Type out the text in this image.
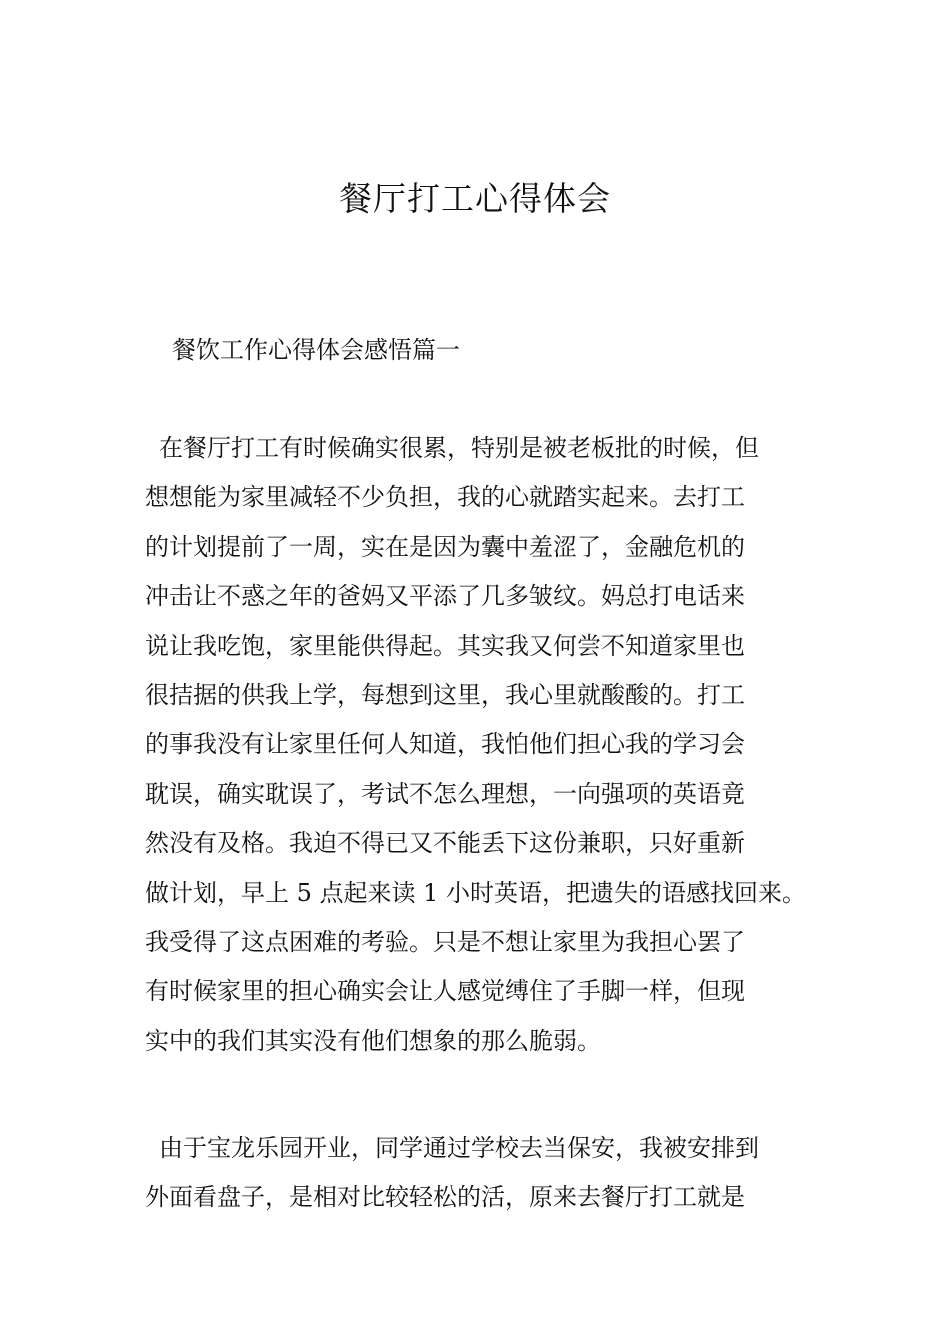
餐厅打工心得体会
餐饮工作心得体会感悟篇一
在餐厅打工有时候确实很累，特别是被老板批的时候，但
想想能为家里减轻不少负担，我的心就踏实起来。去打工
的计划提前了一周，实在是因为囊中羞涩了，金融危机的
冲击让不惑之年的爸妈又平添了几多皱纹。妈总打电话来
说让我吃饱，家里能供得起。其实我又何尝不知道家里也
很拮据的供我上学，每想到这里，我心里就酸酸的。打工
的事我没有让家里任何人知道，我怕他们担心我的学习会
耽误，确实耽误了，考试不怎么理想，一向强项的英语竟
然没有及格。我迫不得已又不能丢下这份兼职，只好重新
做计划，早上 5 点起来读 1 小时英语，把遗失的语感找回来。
我受得了这点困难的考验。只是不想让家里为我担心罢了
有时候家里的担心确实会让人感觉缚住了手脚一样，但现
实中的我们其实没有他们想象的那么脆弱。
由于宝龙乐园开业，同学通过学校去当保安，我被安排到
外面看盘子，是相对比较轻松的活，原来去餐厅打工就是
